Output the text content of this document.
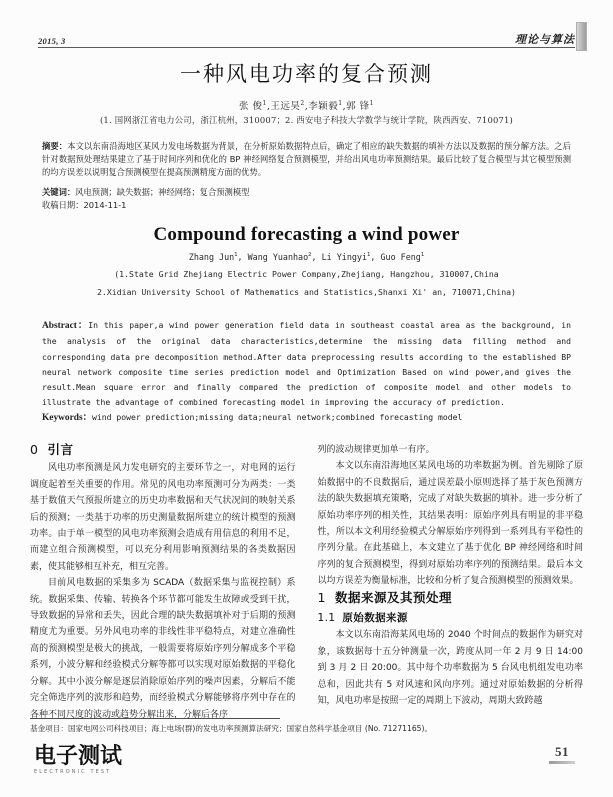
2015, 3	理论与算法
一种风电功率的复合预测
张 俊$^1$,王远昊$^2$,李颖毅$^1$,郭 锋$^1$
(1. 国网浙江省电力公司，浙江杭州，310007；2. 西安电子科技大学数学与统计学院，陕西西安、710071)
摘要：本文以东南沿海地区某风力发电场数据为背景，在分析原始数据特点后，确定了相应的缺失数据的填补方法以及数据的预分解方法。之后针对数据预处理结果建立了基于时间序列和优化的 BP 神经网络复合预测模型，并给出风电功率预测结果。最后比较了复合模型与其它模型预测的均方误差以说明复合预测模型在提高预测精度方面的优势。
关键词：风电预测；缺失数据；神经网络；复合预测模型
收稿日期：2014-11-1
Compound forecasting a wind power
Zhang Jun$^1$, Wang Yuanhao$^2$, Li Yingyi$^1$, Guo Feng$^1$
(1.State Grid Zhejiang Electric Power Company,Zhejiang, Hangzhou, 310007,China
2.Xidian University School of Mathematics and Statistics,Shanxi Xi' an, 710071,China)
Abstract：In this paper,a wind power generation field data in southeast coastal area as the background, in the analysis of the original data characteristics,determine the missing data filling method and corresponding data pre decomposition method.After data preprocessing results according to the established BP neural network composite time series prediction model and Optimization Based on wind power,and gives the result.Mean square error and finally compared the prediction of composite model and other models to illustrate the advantage of combined forecasting model in improving the accuracy of prediction.
Keywords：wind power prediction;missing data;neural network;combined forecasting model
0 引言

风电功率预测是风力发电研究的主要环节之一，对电网的运行调度起着至关重要的作用。常见的风电功率预测可分为两类：一类基于数值天气预报所建立的历史功率数据和天气状况间的映射关系后的预测；一类基于功率的历史测量数据所建立的统计模型的预测功率。由于单一模型的风电功率预测会造成有用信息的利用不足，而建立组合预测模型，可以充分利用影响预测结果的各类数据因素，使其能够相互补充，相互完善。

目前风电数据的采集多为 SCADA（数据采集与监视控制）系统。数据采集、传输、转换各个环节都可能发生故障或受到干扰，导致数据的异常和丢失，因此合理的缺失数据填补对于后期的预测精度尤为重要。另外风电功率的非线性非平稳特点，对建立准确性高的预测模型是极大的挑战，一般需要将原始序列分解成多个平稳系列，小波分解和经验模式分解等都可以实现对原始数据的平稳化分解。其中小波分解是逐层消除原始序列的噪声因素，分解后不能完全筛选序列的波形和趋势，而经验模式分解能够将序列中存在的各种不同尺度的波动或趋势分解出来，分解后各序

列的波动规律更加单一有序。

本文以东南沿海地区某风电场的功率数据为例。首先剔除了原始数据中的不良数据后，通过误差最小原则选择了基于灰色预测方法的缺失数据填充策略，完成了对缺失数据的填补。进一步分析了原始功率序列的相关性，其结果表明：原始序列具有明显的非平稳性，所以本文利用经验模式分解原始序列得到一系列具有平稳性的序列分量。在此基础上，本文建立了基于优化 BP 神经网络和时间序列的复合预测模型，得到对原始功率序列的预测结果。最后本文以均方误差为衡量标准，比较和分析了复合预测模型的预测效果。

1 数据来源及其预处理
1.1 原始数据来源

本文以东南沿海某风电场的 2040 个时间点的数据作为研究对象，该数据每十五分钟测量一次，跨度从同一年 2 月 9 日 14:00 到 3 月 2 日 20:00。其中每个功率数据为 5 台风电机组发电功率总和，因此共有 5 对风速和风向序列。通过对原始数据的分析得知，风电功率是按照一定的周期上下波动，周期大致跨越

基金项目：国家电网公司科技项目；海上电场(群)的发电功率预测算法研究；国家自然科学基金项目 (No. 71271165)。
电子测试
ELECTRONIC TEST
51
